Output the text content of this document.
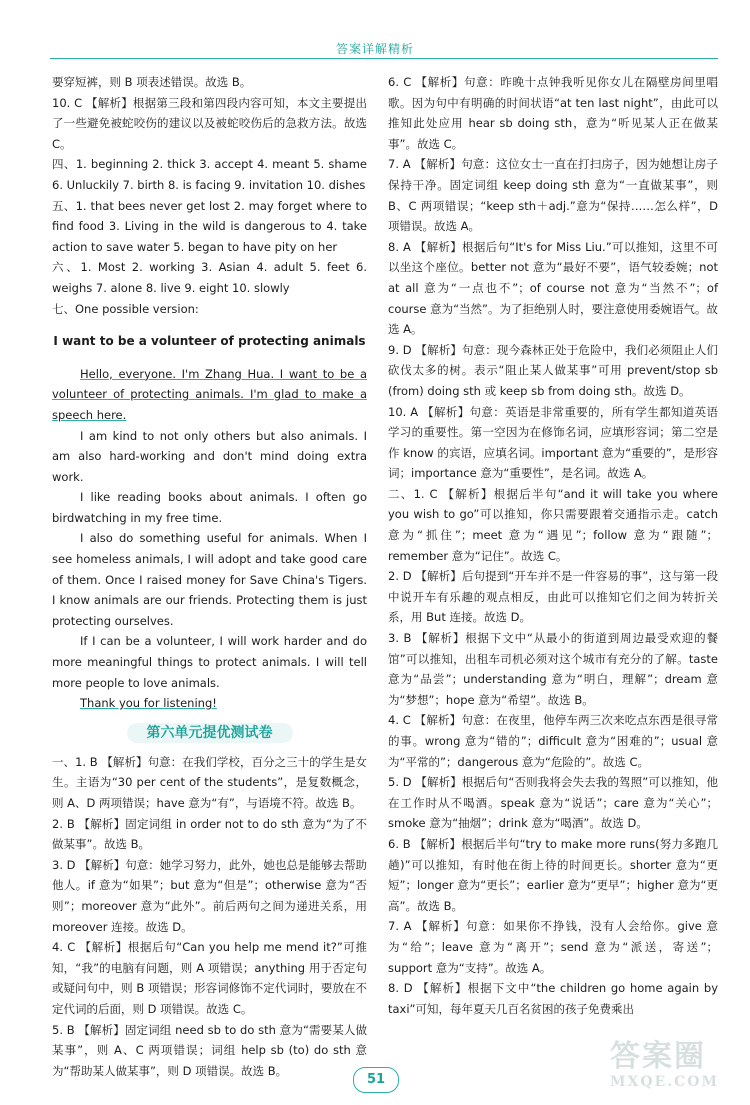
答案详解精析

要穿短裤，则 B 项表述错误。故选 B。

10. C 【解析】根据第三段和第四段内容可知，本文主要提出了一些避免被蛇咬伤的建议以及被蛇咬伤后的急救方法。故选 C。

四、1. beginning 2. thick 3. accept 4. meant 5. shame 6. Unluckily 7. birth 8. is facing 9. invitation 10. dishes

五、1. that bees never get lost 2. may forget where to find food 3. Living in the wild is dangerous to 4. take action to save water 5. began to have pity on her

六、1. Most 2. working 3. Asian 4. adult 5. feet 6. weighs 7. alone 8. live 9. eight 10. slowly

七、One possible version:

I want to be a volunteer of protecting animals

Hello, everyone. I'm Zhang Hua. I want to be a volunteer of protecting animals. I'm glad to make a speech here.

I am kind to not only others but also animals. I am also hard-working and don't mind doing extra work.

I like reading books about animals. I often go birdwatching in my free time.

I also do something useful for animals. When I see homeless animals, I will adopt and take good care of them. Once I raised money for Save China's Tigers. I know animals are our friends. Protecting them is just protecting ourselves.

If I can be a volunteer, I will work harder and do more meaningful things to protect animals. I will tell more people to love animals.

Thank you for listening!

第六单元提优测试卷

一、1. B 【解析】句意：在我们学校，百分之三十的学生是女生。主语为“30 per cent of the students”，是复数概念，则 A、D 两项错误；have 意为“有”，与语境不符。故选 B。

2. B 【解析】固定词组 in order not to do sth 意为“为了不做某事”。故选 B。

3. D 【解析】句意：她学习努力，此外，她也总是能够去帮助他人。if 意为“如果”；but 意为“但是”；otherwise 意为“否则”；moreover 意为“此外”。前后两句之间为递进关系，用 moreover 连接。故选 D。

4. C 【解析】根据后句“Can you help me mend it?”可推知，“我”的电脑有问题，则 A 项错误；anything 用于否定句或疑问句中，则 B 项错误；形容词修饰不定代词时，要放在不定代词的后面，则 D 项错误。故选 C。

5. B 【解析】固定词组 need sb to do sth 意为“需要某人做某事”，则 A、C 两项错误；词组 help sb (to) do sth 意为“帮助某人做某事”，则 D 项错误。故选 B。

6. C 【解析】句意：昨晚十点钟我听见你女儿在隔壁房间里唱歌。因为句中有明确的时间状语“at ten last night”，由此可以推知此处应用 hear sb doing sth，意为“听见某人正在做某事”。故选 C。

7. A 【解析】句意：这位女士一直在打扫房子，因为她想让房子保持干净。固定词组 keep doing sth 意为“一直做某事”，则 B、C 两项错误；“keep sth＋adj.”意为“保持……怎么样”，D 项错误。故选 A。

8. A 【解析】根据后句“It's for Miss Liu.”可以推知，这里不可以坐这个座位。better not 意为“最好不要”，语气较委婉；not at all 意为“一点也不”；of course not 意为“当然不”；of course 意为“当然”。为了拒绝别人时，要注意使用委婉语气。故选 A。

9. D 【解析】句意：现今森林正处于危险中，我们必须阻止人们砍伐太多的树。表示“阻止某人做某事”可用 prevent/stop sb (from) doing sth 或 keep sb from doing sth。故选 D。

10. A 【解析】句意：英语是非常重要的，所有学生都知道英语学习的重要性。第一空因为在修饰名词，应填形容词；第二空是作 know 的宾语，应填名词。important 意为“重要的”，是形容词；importance 意为“重要性”，是名词。故选 A。

二、1. C 【解析】根据后半句“and it will take you where you wish to go”可以推知，你只需要跟着交通指示走。catch 意为“抓住”；meet 意为“遇见”；follow 意为“跟随”；remember 意为“记住”。故选 C。

2. D 【解析】后句提到“开车并不是一件容易的事”，这与第一段中说开车有乐趣的观点相反，由此可以推知它们之间为转折关系，用 But 连接。故选 D。

3. B 【解析】根据下文中“从最小的街道到周边最受欢迎的餐馆”可以推知，出租车司机必须对这个城市有充分的了解。taste 意为“品尝”；understanding 意为“明白，理解”；dream 意为“梦想”；hope 意为“希望”。故选 B。

4. C 【解析】句意：在夜里，他停车两三次来吃点东西是很寻常的事。wrong 意为“错的”；difficult 意为“困难的”；usual 意为“平常的”；dangerous 意为“危险的”。故选 C。

5. D 【解析】根据后句“否则我将会失去我的驾照”可以推知，他在工作时从不喝酒。speak 意为“说话”；care 意为“关心”；smoke 意为“抽烟”；drink 意为“喝酒”。故选 D。

6. B 【解析】根据后半句“try to make more runs(努力多跑几趟)”可以推知，有时他在街上待的时间更长。shorter 意为“更短”；longer 意为“更长”；earlier 意为“更早”；higher 意为“更高”。故选 B。

7. A 【解析】句意：如果你不挣钱，没有人会给你。give 意为“给”；leave 意为“离开”；send 意为“派送，寄送”；support 意为“支持”。故选 A。

8. D 【解析】根据下文中“the children go home again by taxi”可知，每年夏天几百名贫困的孩子免费乘出

51
答案圈
MXQE.COM
